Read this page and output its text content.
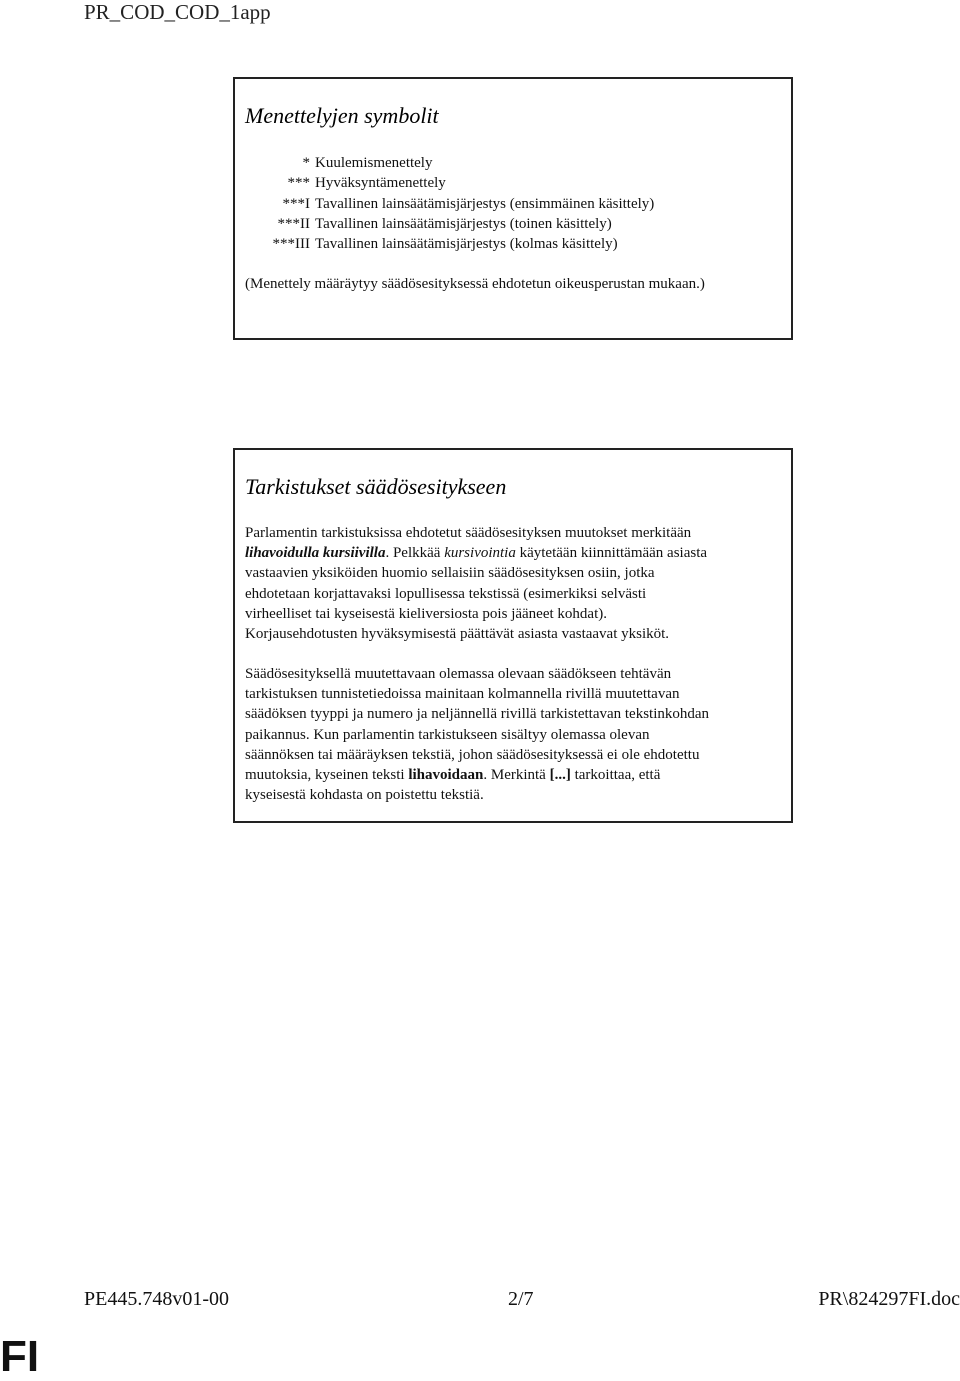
PR_COD_COD_1app
Menettelyjen symbolit
* Kuulemismenettely
*** Hyväksyntämenettely
***I Tavallinen lainsäätämisjärjestys (ensimmäinen käsittely)
***II Tavallinen lainsäätämisjärjestys (toinen käsittely)
***III Tavallinen lainsäätämisjärjestys (kolmas käsittely)
(Menettely määräytyy säädösesityksessä ehdotetun oikeusperustan mukaan.)
Tarkistukset säädösesitykseen
Parlamentin tarkistuksissa ehdotetut säädösesityksen muutokset merkitään
lihavoidulla kursiivilla. Pelkkää kursivointia käytetään kiinnittämään asiasta
vastaavien yksiköiden huomio sellaisiin säädösesityksen osiin, jotka
ehdotetaan korjattavaksi lopullisessa tekstissä (esimerkiksi selvästi
virheelliset tai kyseisestä kieliversiosta pois jääneet kohdat).
Korjausehdotusten hyväksymisestä päättävät asiasta vastaavat yksiköt.
Säädösesityksellä muutettavaan olemassa olevaan säädökseen tehtävän
tarkistuksen tunnistetiedoissa mainitaan kolmannella rivillä muutettavan
säädöksen tyyppi ja numero ja neljännellä rivillä tarkistettavan tekstinkohdan
paikannus. Kun parlamentin tarkistukseen sisältyy olemassa olevan
säännöksen tai määräyksen tekstiä, johon säädösesityksessä ei ole ehdotettu
muutoksia, kyseinen teksti lihavoidaan. Merkintä [...] tarkoittaa, että
kyseisestä kohdasta on poistettu tekstiä.
PE445.748v01-00	2/7	PR\824297FI.doc
FI
